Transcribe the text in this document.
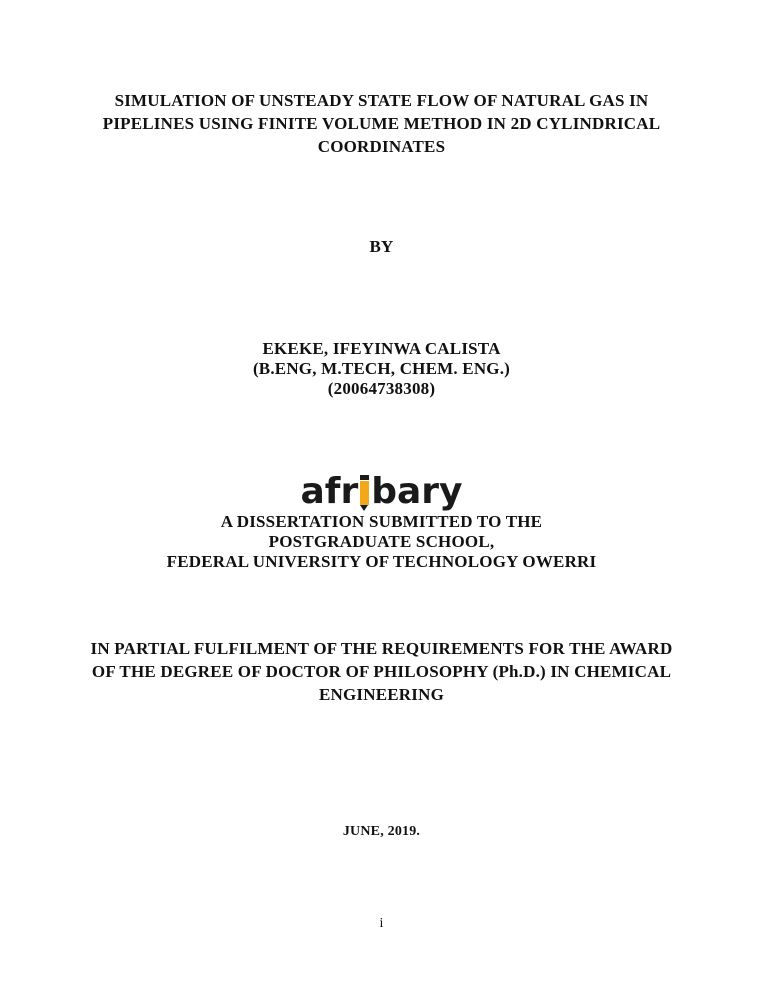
SIMULATION OF UNSTEADY STATE FLOW OF NATURAL GAS IN
PIPELINES USING FINITE VOLUME METHOD IN 2D CYLINDRICAL
COORDINATES
BY
EKEKE, IFEYINWA CALISTA
(B.ENG, M.TECH, CHEM. ENG.)
(20064738308)
afr bary
A DISSERTATION SUBMITTED TO THE
POSTGRADUATE SCHOOL,
FEDERAL UNIVERSITY OF TECHNOLOGY OWERRI
IN PARTIAL FULFILMENT OF THE REQUIREMENTS FOR THE AWARD
OF THE DEGREE OF DOCTOR OF PHILOSOPHY (Ph.D.) IN CHEMICAL
ENGINEERING
JUNE, 2019.
i
